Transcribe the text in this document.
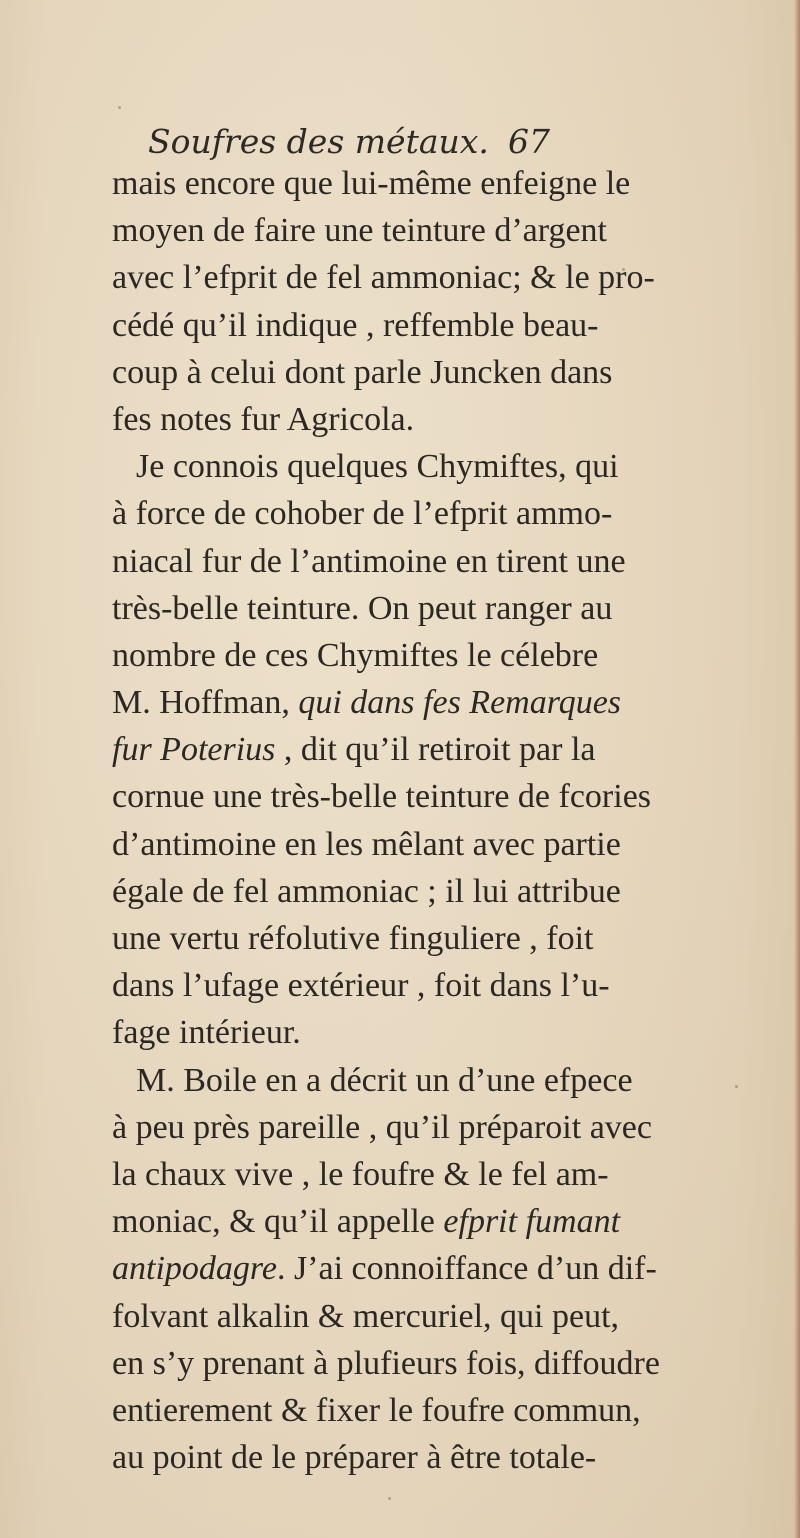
Soufres des métaux. 67
mais encore que lui-même enfeigne le
moyen de faire une teinture d’argent
avec l’efprit de fel ammoniac; & le pro-
cédé qu’il indique , reffemble beau-
coup à celui dont parle Juncken dans
fes notes fur Agricola.
Je connois quelques Chymiftes, qui
à force de cohober de l’efprit ammo-
niacal fur de l’antimoine en tirent une
très-belle teinture. On peut ranger au
nombre de ces Chymiftes le célebre
M. Hoffman, qui dans fes Remarques
fur Poterius , dit qu’il retiroit par la
cornue une très-belle teinture de fcories
d’antimoine en les mêlant avec partie
égale de fel ammoniac ; il lui attribue
une vertu réfolutive finguliere , foit
dans l’ufage extérieur , foit dans l’u-
fage intérieur.
M. Boile en a décrit un d’une efpece
à peu près pareille , qu’il préparoit avec
la chaux vive , le foufre & le fel am-
moniac, & qu’il appelle efprit fumant
antipodagre. J’ai connoiffance d’un dif-
folvant alkalin & mercuriel, qui peut,
en s’y prenant à plufieurs fois, diffoudre
entierement & fixer le foufre commun,
au point de le préparer à être totale-
